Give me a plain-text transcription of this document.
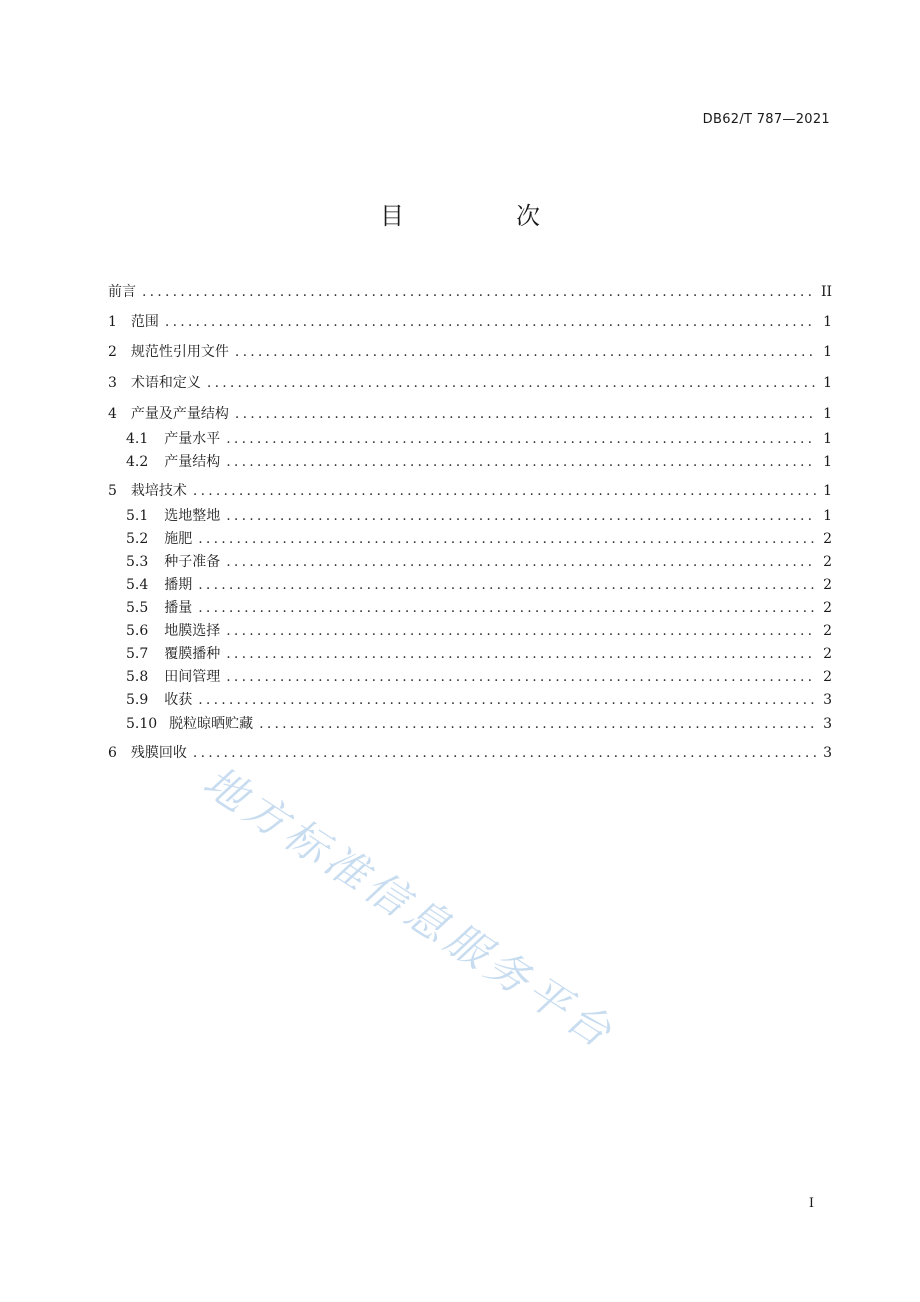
DB62/T 787—2021
目　次
前言 .....	II
1 范围 .....	1
2 规范性引用文件 .....	1
3 术语和定义 .....	1
4 产量及产量结构 .....	1
4.1 产量水平 .....	1
4.2 产量结构 .....	1
5 栽培技术 .....	1
5.1 选地整地 .....	1
5.2 施肥 .....	2
5.3 种子准备 .....	2
5.4 播期 .....	2
5.5 播量 .....	2
5.6 地膜选择 .....	2
5.7 覆膜播种 .....	2
5.8 田间管理 .....	2
5.9 收获 .....	3
5.10 脱粒晾晒贮藏 .....	3
6 残膜回收 .....	3
地方标准信息服务平台
I
